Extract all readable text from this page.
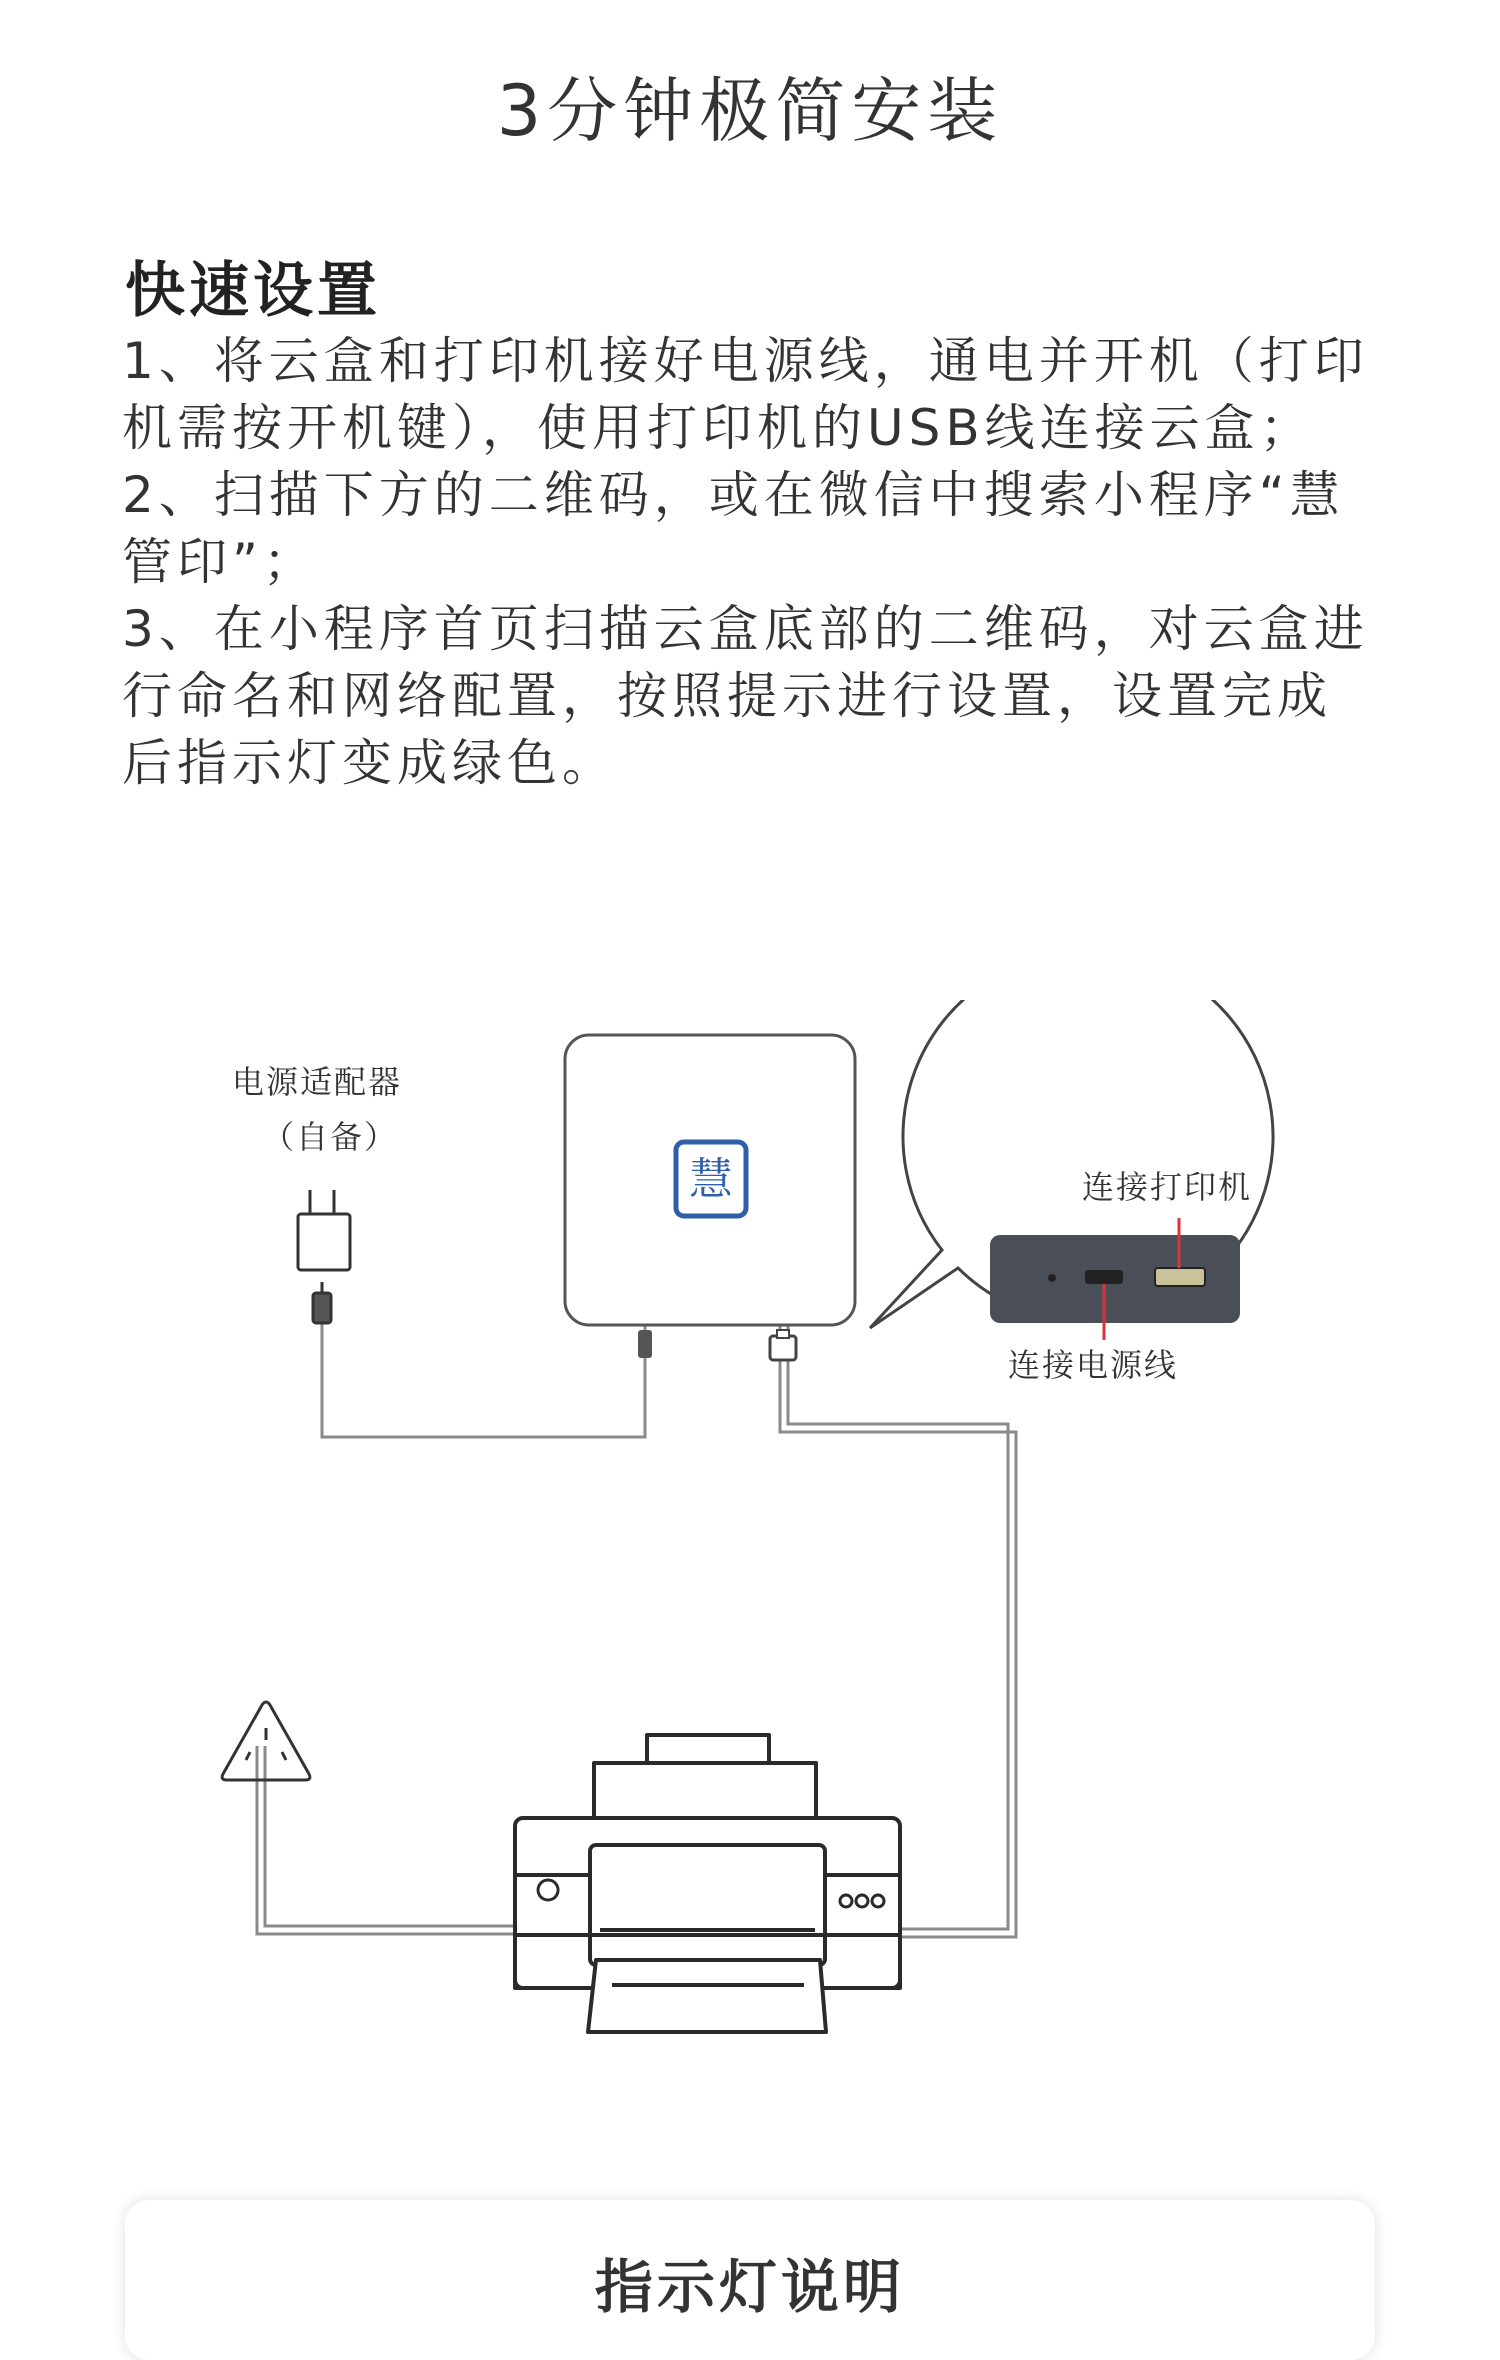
3分钟极简安装
快速设置

1、将云盒和打印机接好电源线，通电并开机（打印机需按开机键），使用打印机的USB线连接云盒；

2、扫描下方的二维码，或在微信中搜索小程序“慧管印”；

3、在小程序首页扫描云盒底部的二维码，对云盒进行命名和网络配置，按照提示进行设置，设置完成后指示灯变成绿色。

慧
电源适配器
（自备）
连接打印机
连接电源线
指示灯说明
